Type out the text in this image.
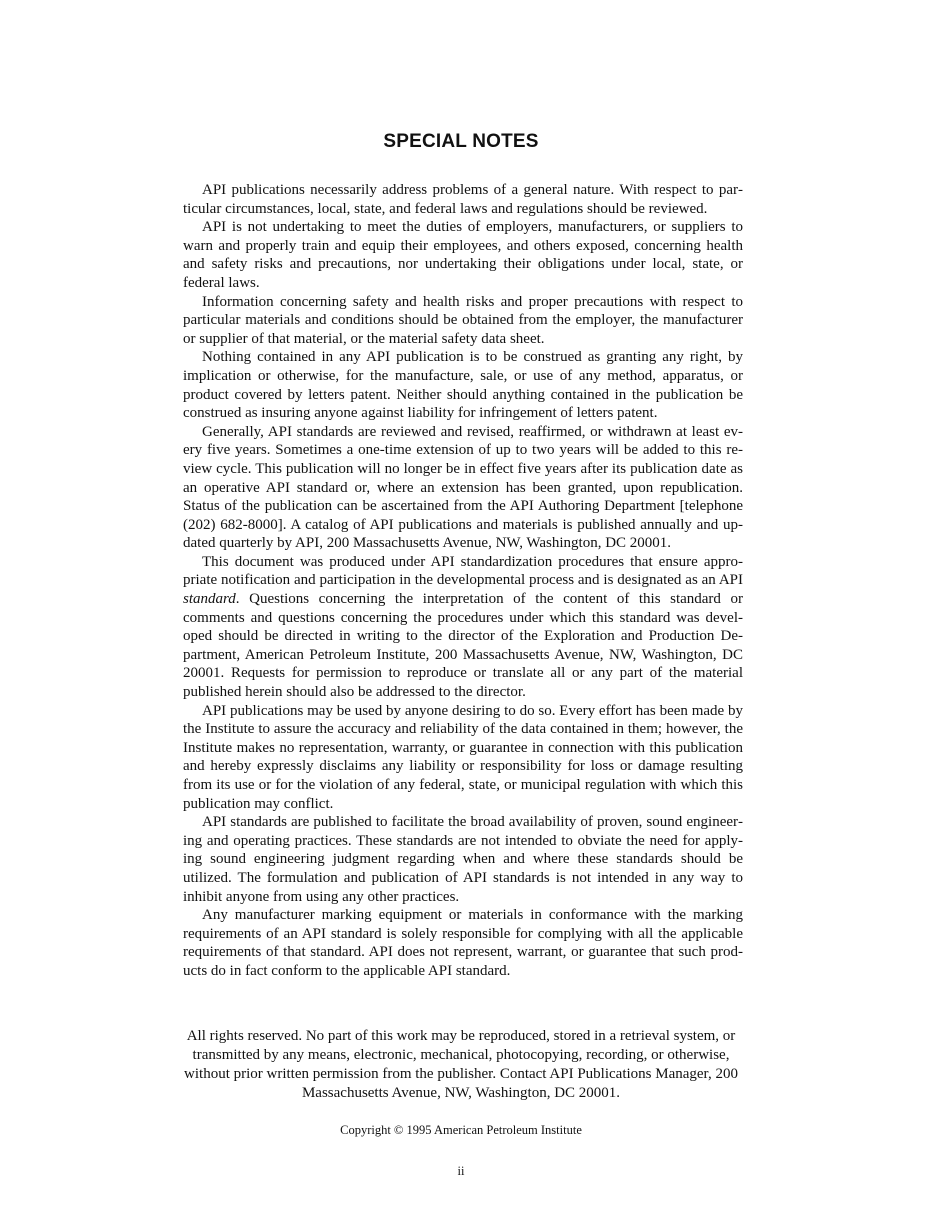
SPECIAL NOTES

API publications necessarily address problems of a general nature. With respect to particular circumstances, local, state, and federal laws and regulations should be reviewed.

API is not undertaking to meet the duties of employers, manufacturers, or suppliers to warn and properly train and equip their employees, and others exposed, concerning health and safety risks and precautions, nor undertaking their obligations under local, state, or federal laws.

Information concerning safety and health risks and proper precautions with respect to particular materials and conditions should be obtained from the employer, the manufacturer or supplier of that material, or the material safety data sheet.

Nothing contained in any API publication is to be construed as granting any right, by implication or otherwise, for the manufacture, sale, or use of any method, apparatus, or product covered by letters patent. Neither should anything contained in the publication be construed as insuring anyone against liability for infringement of letters patent.

Generally, API standards are reviewed and revised, reaffirmed, or withdrawn at least every five years. Sometimes a one-time extension of up to two years will be added to this review cycle. This publication will no longer be in effect five years after its publication date as an operative API standard or, where an extension has been granted, upon republication. Status of the publication can be ascertained from the API Authoring Department [telephone (202) 682-8000]. A catalog of API publications and materials is published annually and updated quarterly by API, 200 Massachusetts Avenue, NW, Washington, DC 20001.

This document was produced under API standardization procedures that ensure appropriate notification and participation in the developmental process and is designated as an API standard. Questions concerning the interpretation of the content of this standard or comments and questions concerning the procedures under which this standard was developed should be directed in writing to the director of the Exploration and Production Department, American Petroleum Institute, 200 Massachusetts Avenue, NW, Washington, DC 20001. Requests for permission to reproduce or translate all or any part of the material published herein should also be addressed to the director.

API publications may be used by anyone desiring to do so. Every effort has been made by the Institute to assure the accuracy and reliability of the data contained in them; however, the Institute makes no representation, warranty, or guarantee in connection with this publication and hereby expressly disclaims any liability or responsibility for loss or damage resulting from its use or for the violation of any federal, state, or municipal regulation with which this publication may conflict.

API standards are published to facilitate the broad availability of proven, sound engineering and operating practices. These standards are not intended to obviate the need for applying sound engineering judgment regarding when and where these standards should be utilized. The formulation and publication of API standards is not intended in any way to inhibit anyone from using any other practices.

Any manufacturer marking equipment or materials in conformance with the marking requirements of an API standard is solely responsible for complying with all the applicable requirements of that standard. API does not represent, warrant, or guarantee that such products do in fact conform to the applicable API standard.

All rights reserved. No part of this work may be reproduced, stored in a retrieval system, or transmitted by any means, electronic, mechanical, photocopying, recording, or otherwise, without prior written permission from the publisher. Contact API Publications Manager, 200 Massachusetts Avenue, NW, Washington, DC 20001.

Copyright © 1995 American Petroleum Institute

ii
